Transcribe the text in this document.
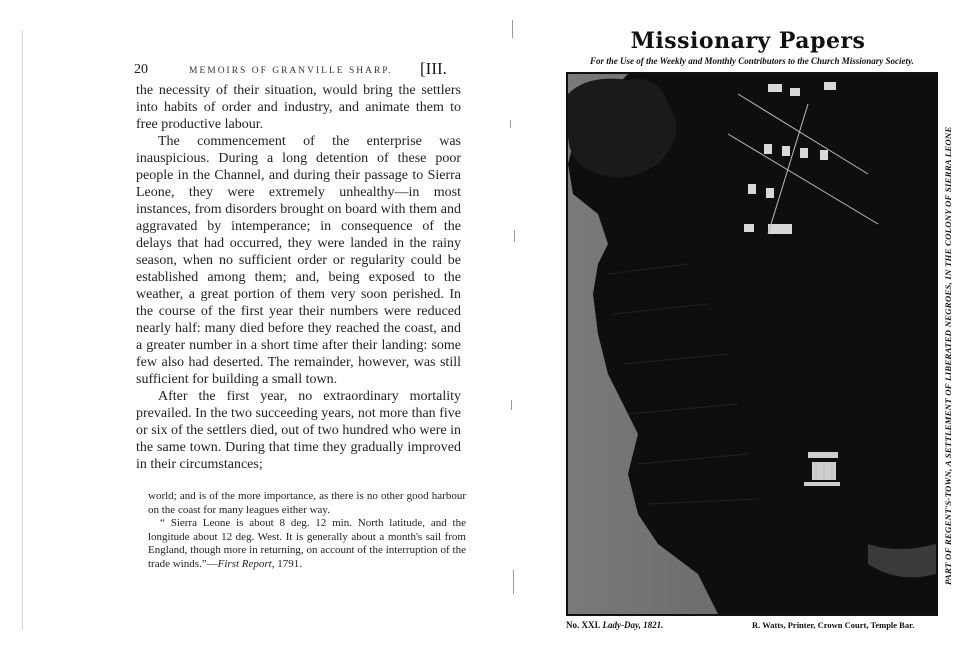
20	MEMOIRS OF GRANVILLE SHARP. [III.

the necessity of their situation, would bring the settlers into habits of order and industry, and animate them to free productive labour.

The commencement of the enterprise was inauspicious. During a long detention of these poor people in the Channel, and during their passage to Sierra Leone, they were extremely unhealthy—in most instances, from disorders brought on board with them and aggravated by intemperance; in consequence of the delays that had occurred, they were landed in the rainy season, when no sufficient order or regularity could be established among them; and, being exposed to the weather, a great portion of them very soon perished. In the course of the first year their numbers were reduced nearly half: many died before they reached the coast, and a greater number in a short time after their landing: some few also had deserted. The remainder, however, was still sufficient for building a small town.

After the first year, no extraordinary mortality prevailed. In the two succeeding years, not more than five or six of the settlers died, out of two hundred who were in the same town. During that time they gradually improved in their circumstances;

world; and is of the more importance, as there is no other good harbour on the coast for many leagues either way.

“ Sierra Leone is about 8 deg. 12 min. North latitude, and the longitude about 12 deg. West. It is generally about a month's sail from England, though more in returning, on account of the interruption of the trade winds.”—First Report, 1791.

Missionary Papers
For the Use of the Weekly and Monthly Contributors to the Church Missionary Society.
PART OF REGENT'S-TOWN, A SETTLEMENT OF LIBERATED NEGROES, IN THE COLONY OF SIERRA LEONE
No. XXI. Lady-Day, 1821.	R. Watts, Printer, Crown Court, Temple Bar.
